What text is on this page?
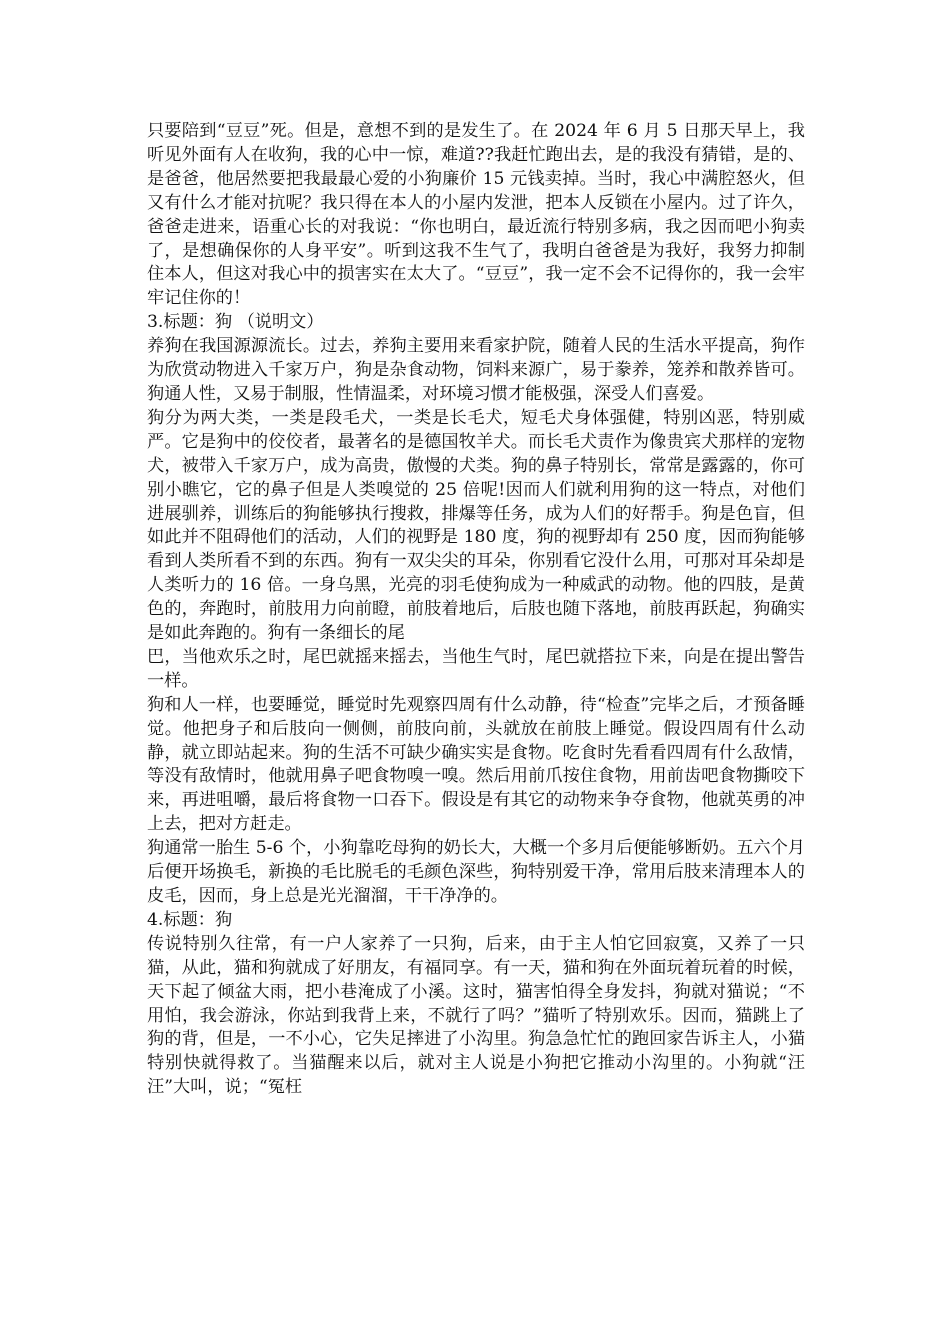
只要陪到“豆豆”死。但是，意想不到的是发生了。在 2024 年 6 月 5 日那天早上，我听见外面有人在收狗，我的心中一惊，难道??我赶忙跑出去，是的我没有猜错，是的、是爸爸，他居然要把我最最心爱的小狗廉价 15 元钱卖掉。当时，我心中满腔怒火，但又有什么才能对抗呢？我只得在本人的小屋内发泄，把本人反锁在小屋内。过了许久，爸爸走进来，语重心长的对我说：“你也明白，最近流行特别多病，我之因而吧小狗卖了，是想确保你的人身平安”。听到这我不生气了，我明白爸爸是为我好，我努力抑制住本人，但这对我心中的损害实在太大了。“豆豆”，我一定不会不记得你的，我一会牢牢记住你的！

3.标题：狗 （说明文）

养狗在我国源源流长。过去，养狗主要用来看家护院，随着人民的生活水平提高，狗作为欣赏动物进入千家万户，狗是杂食动物，饲料来源广，易于豢养，笼养和散养皆可。狗通人性，又易于制服，性情温柔，对环境习惯才能极强，深受人们喜爱。

狗分为两大类，一类是段毛犬，一类是长毛犬，短毛犬身体强健，特别凶恶，特别威严。它是狗中的佼佼者，最著名的是德国牧羊犬。而长毛犬责作为像贵宾犬那样的宠物犬，被带入千家万户，成为高贵，傲慢的犬类。狗的鼻子特别长，常常是露露的，你可别小瞧它，它的鼻子但是人类嗅觉的 25 倍呢!因而人们就利用狗的这一特点，对他们进展驯养，训练后的狗能够执行搜救，排爆等任务，成为人们的好帮手。狗是色盲，但如此并不阻碍他们的活动，人们的视野是 180 度，狗的视野却有 250 度，因而狗能够看到人类所看不到的东西。狗有一双尖尖的耳朵，你别看它没什么用，可那对耳朵却是人类听力的 16 倍。一身乌黑，光亮的羽毛使狗成为一种威武的动物。他的四肢，是黄色的，奔跑时，前肢用力向前瞪，前肢着地后，后肢也随下落地，前肢再跃起，狗确实是如此奔跑的。狗有一条细长的尾

巴，当他欢乐之时，尾巴就摇来摇去，当他生气时，尾巴就搭拉下来，向是在提出警告一样。

狗和人一样，也要睡觉，睡觉时先观察四周有什么动静，待“检查”完毕之后，才预备睡觉。他把身子和后肢向一侧侧，前肢向前，头就放在前肢上睡觉。假设四周有什么动静，就立即站起来。狗的生活不可缺少确实实是食物。吃食时先看看四周有什么敌情，等没有敌情时，他就用鼻子吧食物嗅一嗅。然后用前爪按住食物，用前齿吧食物撕咬下来，再进咀嚼，最后将食物一口吞下。假设是有其它的动物来争夺食物，他就英勇的冲上去，把对方赶走。

狗通常一胎生 5-6 个，小狗靠吃母狗的奶长大，大概一个多月后便能够断奶。五六个月后便开场换毛，新换的毛比脱毛的毛颜色深些，狗特别爱干净，常用后肢来清理本人的皮毛，因而，身上总是光光溜溜，干干净净的。

4.标题：狗

传说特别久往常，有一户人家养了一只狗，后来，由于主人怕它回寂寞，又养了一只猫，从此，猫和狗就成了好朋友，有福同享。有一天，猫和狗在外面玩着玩着的时候，天下起了倾盆大雨，把小巷淹成了小溪。这时，猫害怕得全身发抖，狗就对猫说；“不用怕，我会游泳，你站到我背上来，不就行了吗？”猫听了特别欢乐。因而，猫跳上了狗的背，但是，一不小心，它失足摔进了小沟里。狗急急忙忙的跑回家告诉主人，小猫特别快就得救了。当猫醒来以后，就对主人说是小狗把它推动小沟里的。小狗就“汪汪”大叫，说；“冤枉
